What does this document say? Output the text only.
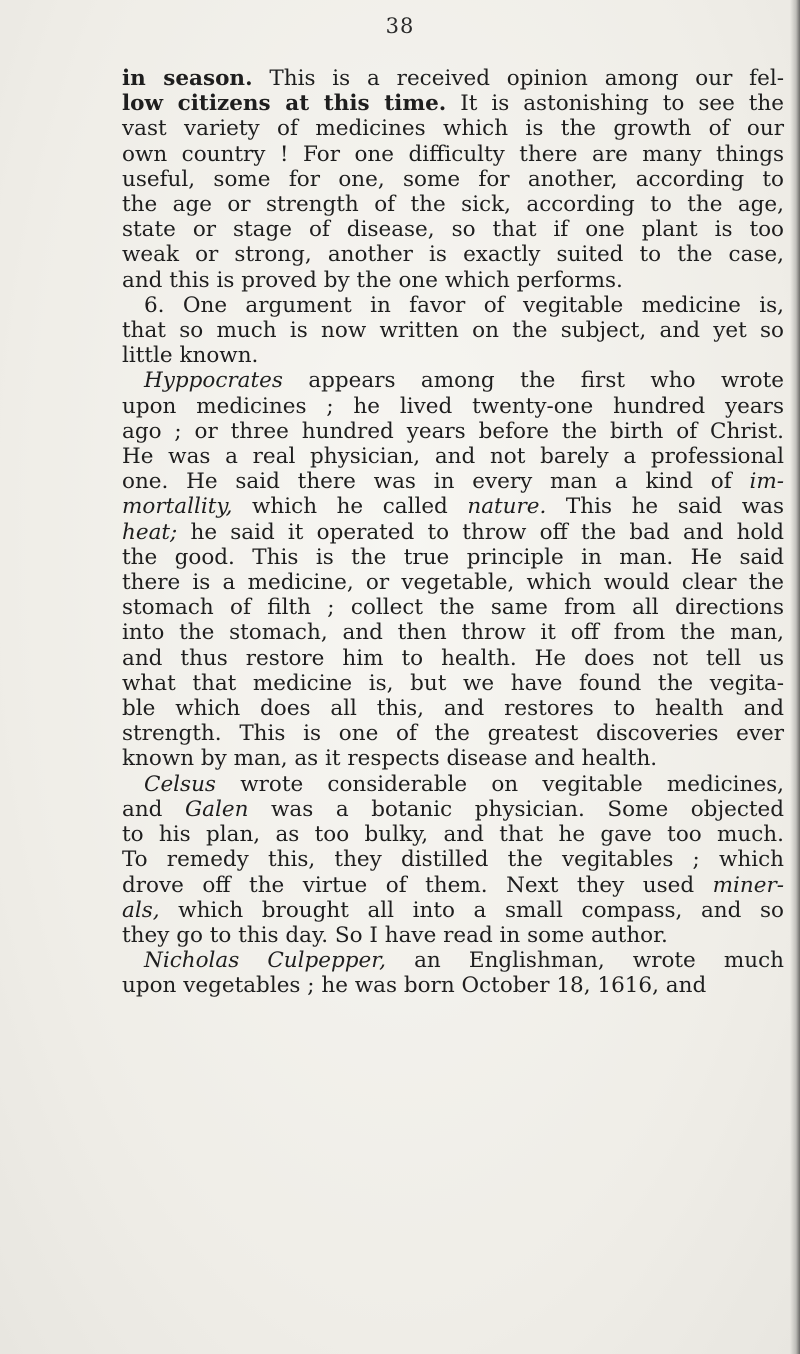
38
in season. This is a received opinion among our fel-
low citizens at this time. It is astonishing to see the
vast variety of medicines which is the growth of our
own country ! For one difficulty there are many things
useful, some for one, some for another, according to
the age or strength of the sick, according to the age,
state or stage of disease, so that if one plant is too
weak or strong, another is exactly suited to the case,
and this is proved by the one which performs.
6. One argument in favor of vegitable medicine is,
that so much is now written on the subject, and yet so
little known.
Hyppocrates appears among the first who wrote
upon medicines ; he lived twenty-one hundred years
ago ; or three hundred years before the birth of Christ.
He was a real physician, and not barely a professional
one. He said there was in every man a kind of im-
mortallity, which he called nature. This he said was
heat; he said it operated to throw off the bad and hold
the good. This is the true principle in man. He said
there is a medicine, or vegetable, which would clear the
stomach of filth ; collect the same from all directions
into the stomach, and then throw it off from the man,
and thus restore him to health. He does not tell us
what that medicine is, but we have found the vegita-
ble which does all this, and restores to health and
strength. This is one of the greatest discoveries ever
known by man, as it respects disease and health.
Celsus wrote considerable on vegitable medicines,
and Galen was a botanic physician. Some objected
to his plan, as too bulky, and that he gave too much.
To remedy this, they distilled the vegitables ; which
drove off the virtue of them. Next they used miner-
als, which brought all into a small compass, and so
they go to this day. So I have read in some author.
Nicholas Culpepper, an Englishman, wrote much
upon vegetables ; he was born October 18, 1616, and
